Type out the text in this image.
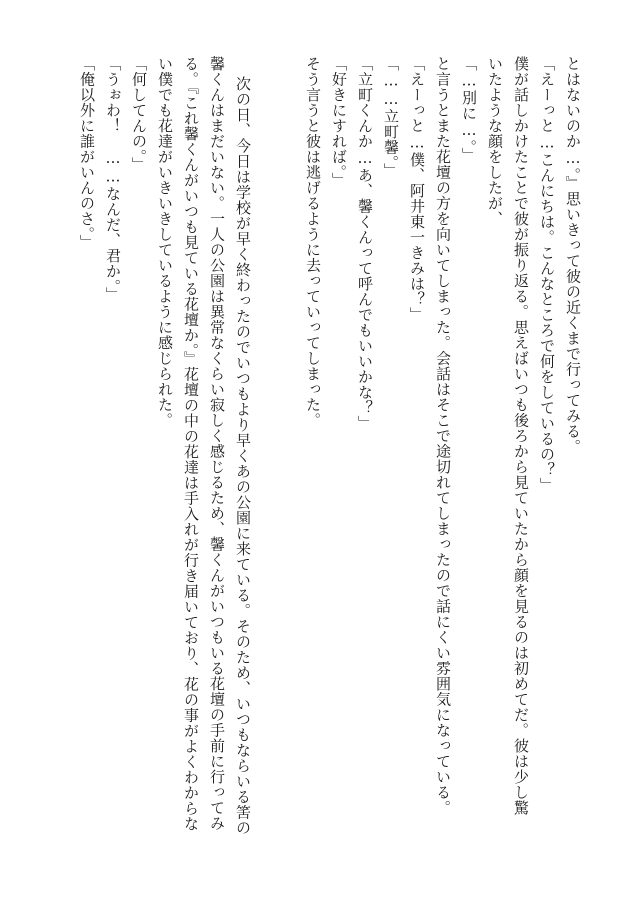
とはないのか…。』思いきって彼の近くまで行ってみる。
「えーっと…こんにちは。こんなところで何をしているの？」
僕が話しかけたことで彼が振り返る。思えばいつも後ろから見ていたから顔を見るのは初めてだ。彼は少し驚
いたような顔をしたが、
「…別に…。」
と言うとまた花壇の方を向いてしまった。会話はそこで途切れてしまったので話にくい雰囲気になっている。
「えーっと…僕、阿井東一きみは？」
「……立町馨。」
「立町くんか…あ、馨くんって呼んでもいいかな？」
「好きにすれば。」
そう言うと彼は逃げるように去っていってしまった。
次の日、今日は学校が早く終わったのでいつもより早くあの公園に来ている。そのため、いつもならいる筈の
馨くんはまだいない。一人の公園は異常なくらい寂しく感じるため、馨くんがいつもいる花壇の手前に行ってみ
る。『これ馨くんがいつも見ている花壇か。』花壇の中の花達は手入れが行き届いており、花の事がよくわからな
い僕でも花達がいきいきしているように感じられた。
「何してんの。」
「うぉわ！　……なんだ、君か。」
「俺以外に誰がいんのさ。」
